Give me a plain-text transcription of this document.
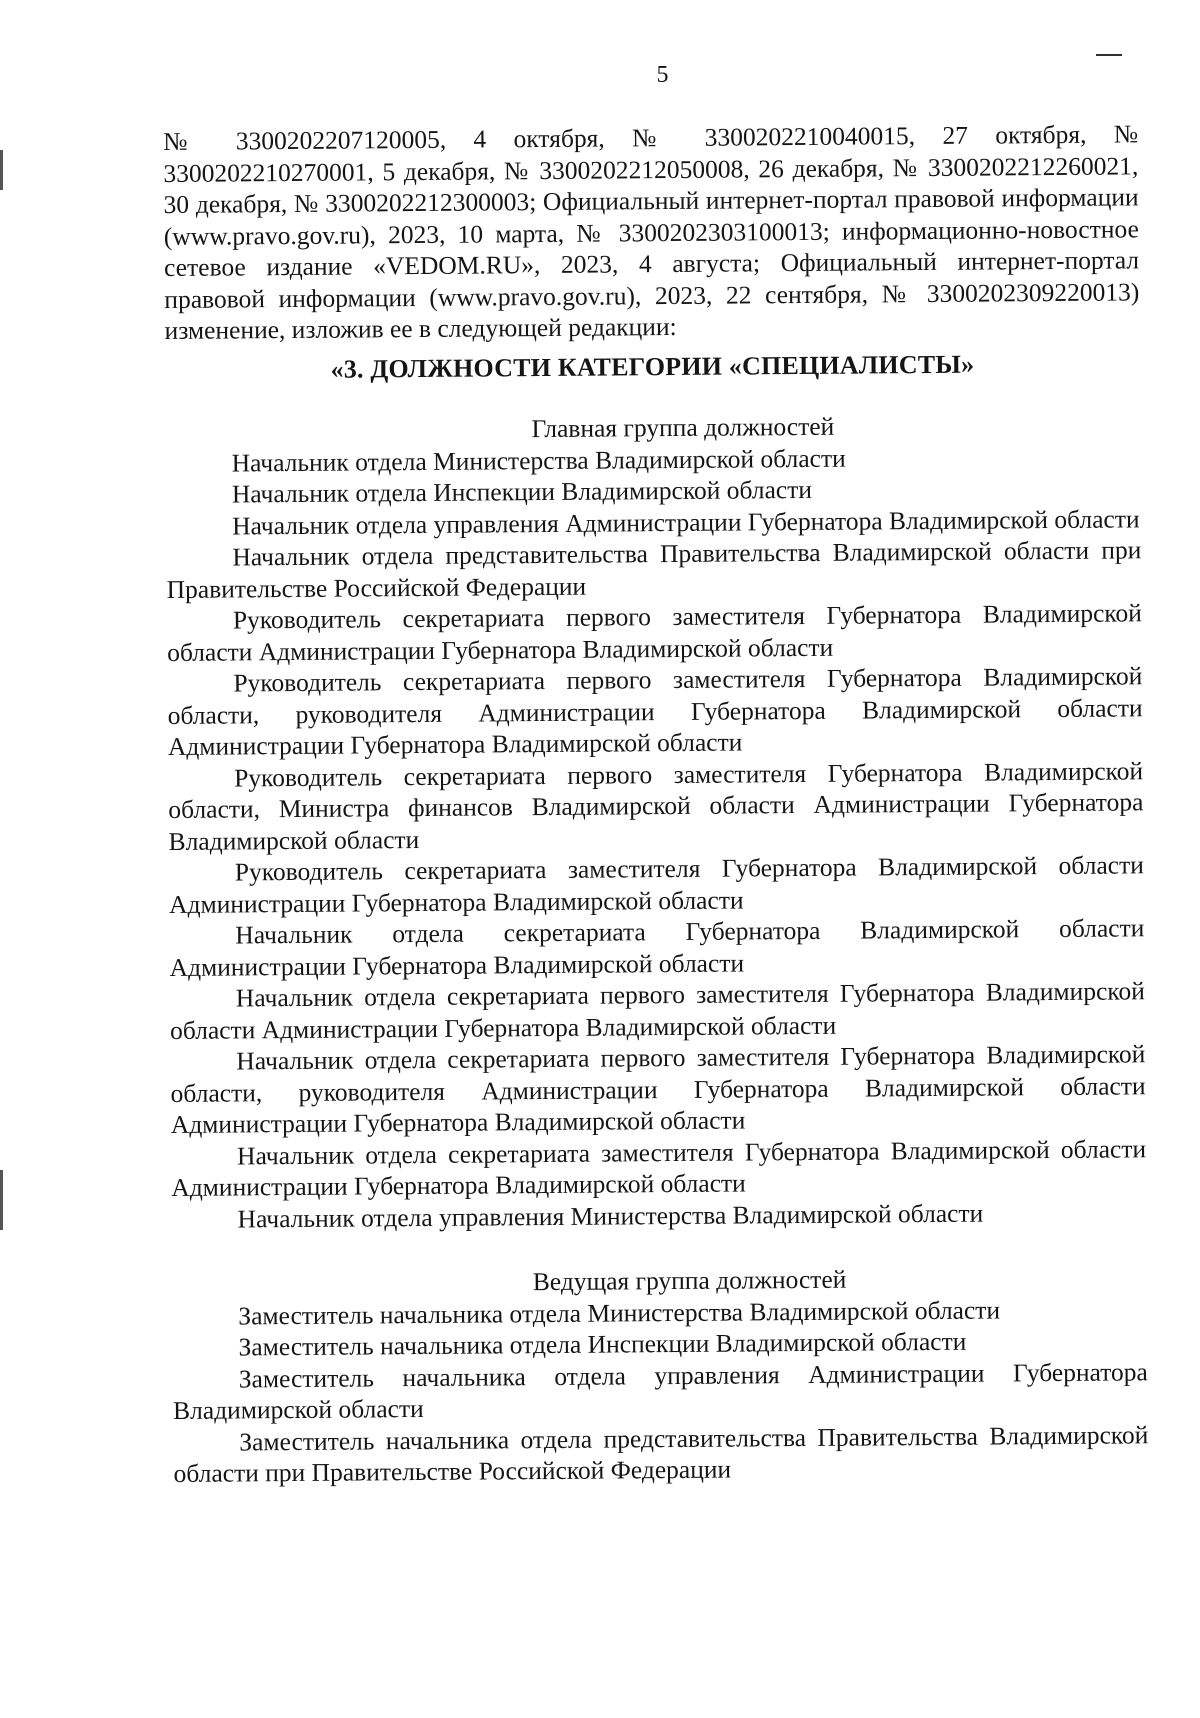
5

№ 3300202207120005, 4 октября, № 3300202210040015, 27 октября, № 3300202210270001, 5 декабря, № 3300202212050008, 26 декабря, № 3300202212260021, 30 декабря, № 3300202212300003; Официальный интернет-портал правовой информации (www.pravo.gov.ru), 2023, 10 марта, № 3300202303100013; информационно-новостное сетевое издание «VEDOM.RU», 2023, 4 августа; Официальный интернет-портал правовой информации (www.pravo.gov.ru), 2023, 22 сентября, № 3300202309220013) изменение, изложив ее в следующей редакции:

«3. ДОЛЖНОСТИ КАТЕГОРИИ «СПЕЦИАЛИСТЫ»

Главная группа должностей

Начальник отдела Министерства Владимирской области

Начальник отдела Инспекции Владимирской области

Начальник отдела управления Администрации Губернатора Владимирской области

Начальник отдела представительства Правительства Владимирской области при Правительстве Российской Федерации

Руководитель секретариата первого заместителя Губернатора Владимирской области Администрации Губернатора Владимирской области

Руководитель секретариата первого заместителя Губернатора Владимирской области, руководителя Администрации Губернатора Владимирской области Администрации Губернатора Владимирской области

Руководитель секретариата первого заместителя Губернатора Владимирской области, Министра финансов Владимирской области Администрации Губернатора Владимирской области

Руководитель секретариата заместителя Губернатора Владимирской области Администрации Губернатора Владимирской области

Начальник отдела секретариата Губернатора Владимирской области Администрации Губернатора Владимирской области

Начальник отдела секретариата первого заместителя Губернатора Владимирской области Администрации Губернатора Владимирской области

Начальник отдела секретариата первого заместителя Губернатора Владимирской области, руководителя Администрации Губернатора Владимирской области Администрации Губернатора Владимирской области

Начальник отдела секретариата заместителя Губернатора Владимирской области Администрации Губернатора Владимирской области

Начальник отдела управления Министерства Владимирской области

Ведущая группа должностей

Заместитель начальника отдела Министерства Владимирской области

Заместитель начальника отдела Инспекции Владимирской области

Заместитель начальника отдела управления Администрации Губернатора Владимирской области

Заместитель начальника отдела представительства Правительства Владимирской области при Правительстве Российской Федерации
